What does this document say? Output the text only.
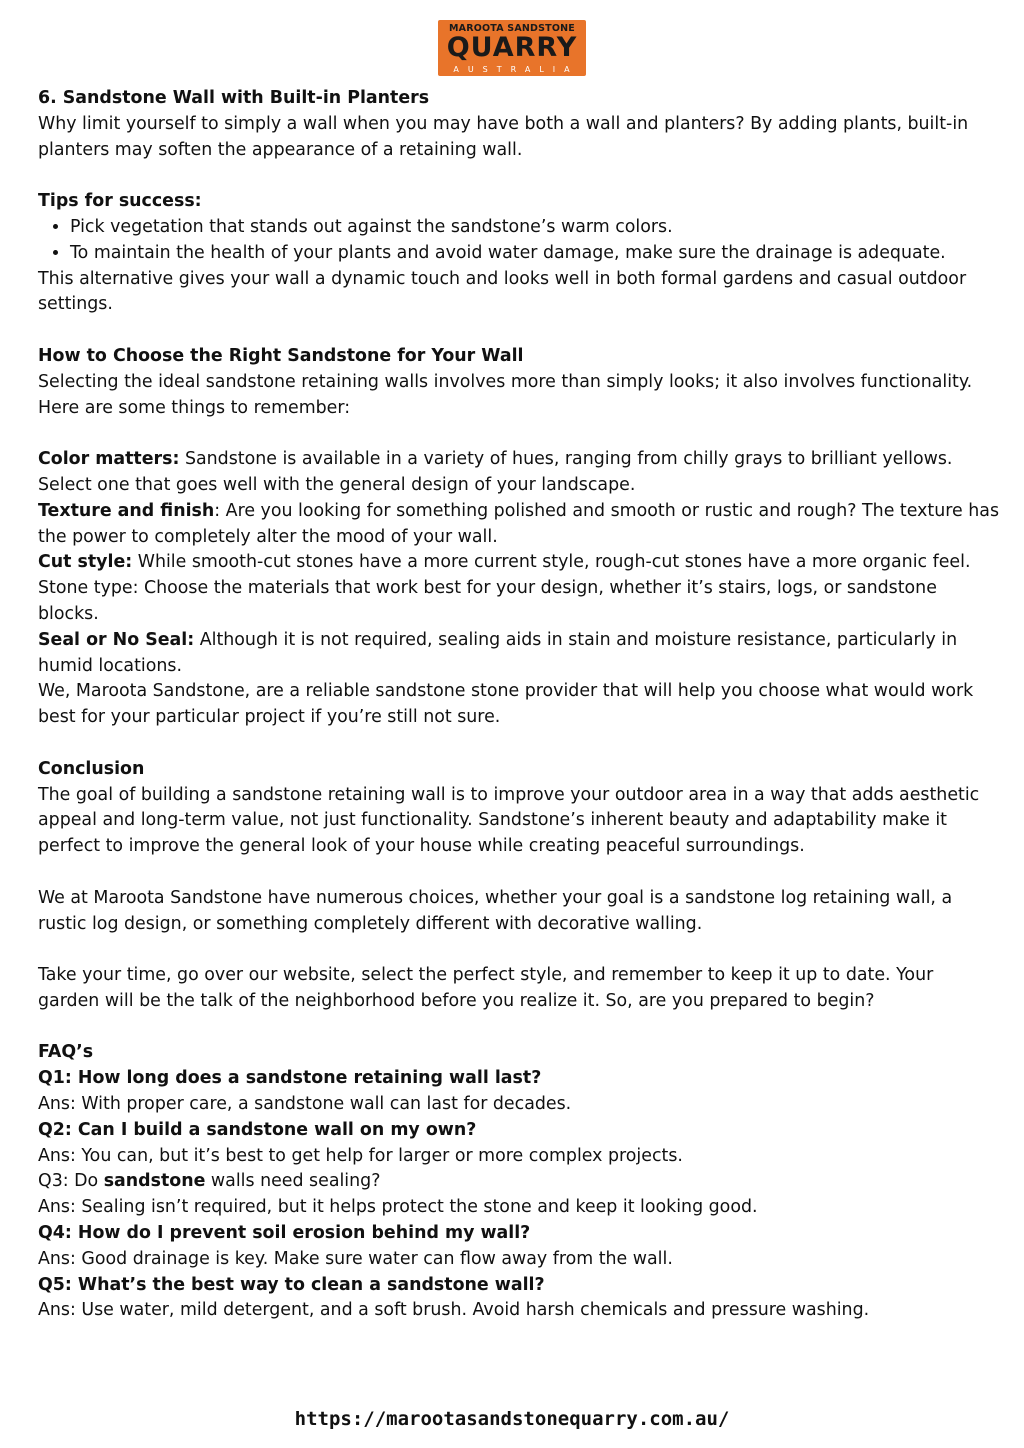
MAROOTA SANDSTONE
QUARRY
AUSTRALIA

6. Sandstone Wall with Built-in Planters

Why limit yourself to simply a wall when you may have both a wall and planters? By adding plants, built-in planters may soften the appearance of a retaining wall.

Tips for success:

• Pick vegetation that stands out against the sandstone’s warm colors.
• To maintain the health of your plants and avoid water damage, make sure the drainage is adequate.

This alternative gives your wall a dynamic touch and looks well in both formal gardens and casual outdoor settings.

How to Choose the Right Sandstone for Your Wall

Selecting the ideal sandstone retaining walls involves more than simply looks; it also involves functionality. Here are some things to remember:

Color matters: Sandstone is available in a variety of hues, ranging from chilly grays to brilliant yellows. Select one that goes well with the general design of your landscape.

Texture and finish: Are you looking for something polished and smooth or rustic and rough? The texture has the power to completely alter the mood of your wall.

Cut style: While smooth-cut stones have a more current style, rough-cut stones have a more organic feel.

Stone type: Choose the materials that work best for your design, whether it’s stairs, logs, or sandstone blocks.

Seal or No Seal: Although it is not required, sealing aids in stain and moisture resistance, particularly in humid locations.

We, Maroota Sandstone, are a reliable sandstone stone provider that will help you choose what would work best for your particular project if you’re still not sure.

Conclusion

The goal of building a sandstone retaining wall is to improve your outdoor area in a way that adds aesthetic appeal and long-term value, not just functionality. Sandstone’s inherent beauty and adaptability make it perfect to improve the general look of your house while creating peaceful surroundings.

We at Maroota Sandstone have numerous choices, whether your goal is a sandstone log retaining wall, a rustic log design, or something completely different with decorative walling.

Take your time, go over our website, select the perfect style, and remember to keep it up to date. Your garden will be the talk of the neighborhood before you realize it. So, are you prepared to begin?

FAQ’s

Q1: How long does a sandstone retaining wall last?

Ans: With proper care, a sandstone wall can last for decades.

Q2: Can I build a sandstone wall on my own?

Ans: You can, but it’s best to get help for larger or more complex projects.

Q3: Do sandstone walls need sealing?

Ans: Sealing isn’t required, but it helps protect the stone and keep it looking good.

Q4: How do I prevent soil erosion behind my wall?

Ans: Good drainage is key. Make sure water can flow away from the wall.

Q5: What’s the best way to clean a sandstone wall?

Ans: Use water, mild detergent, and a soft brush. Avoid harsh chemicals and pressure washing.

https://marootasandstonequarry.com.au/
